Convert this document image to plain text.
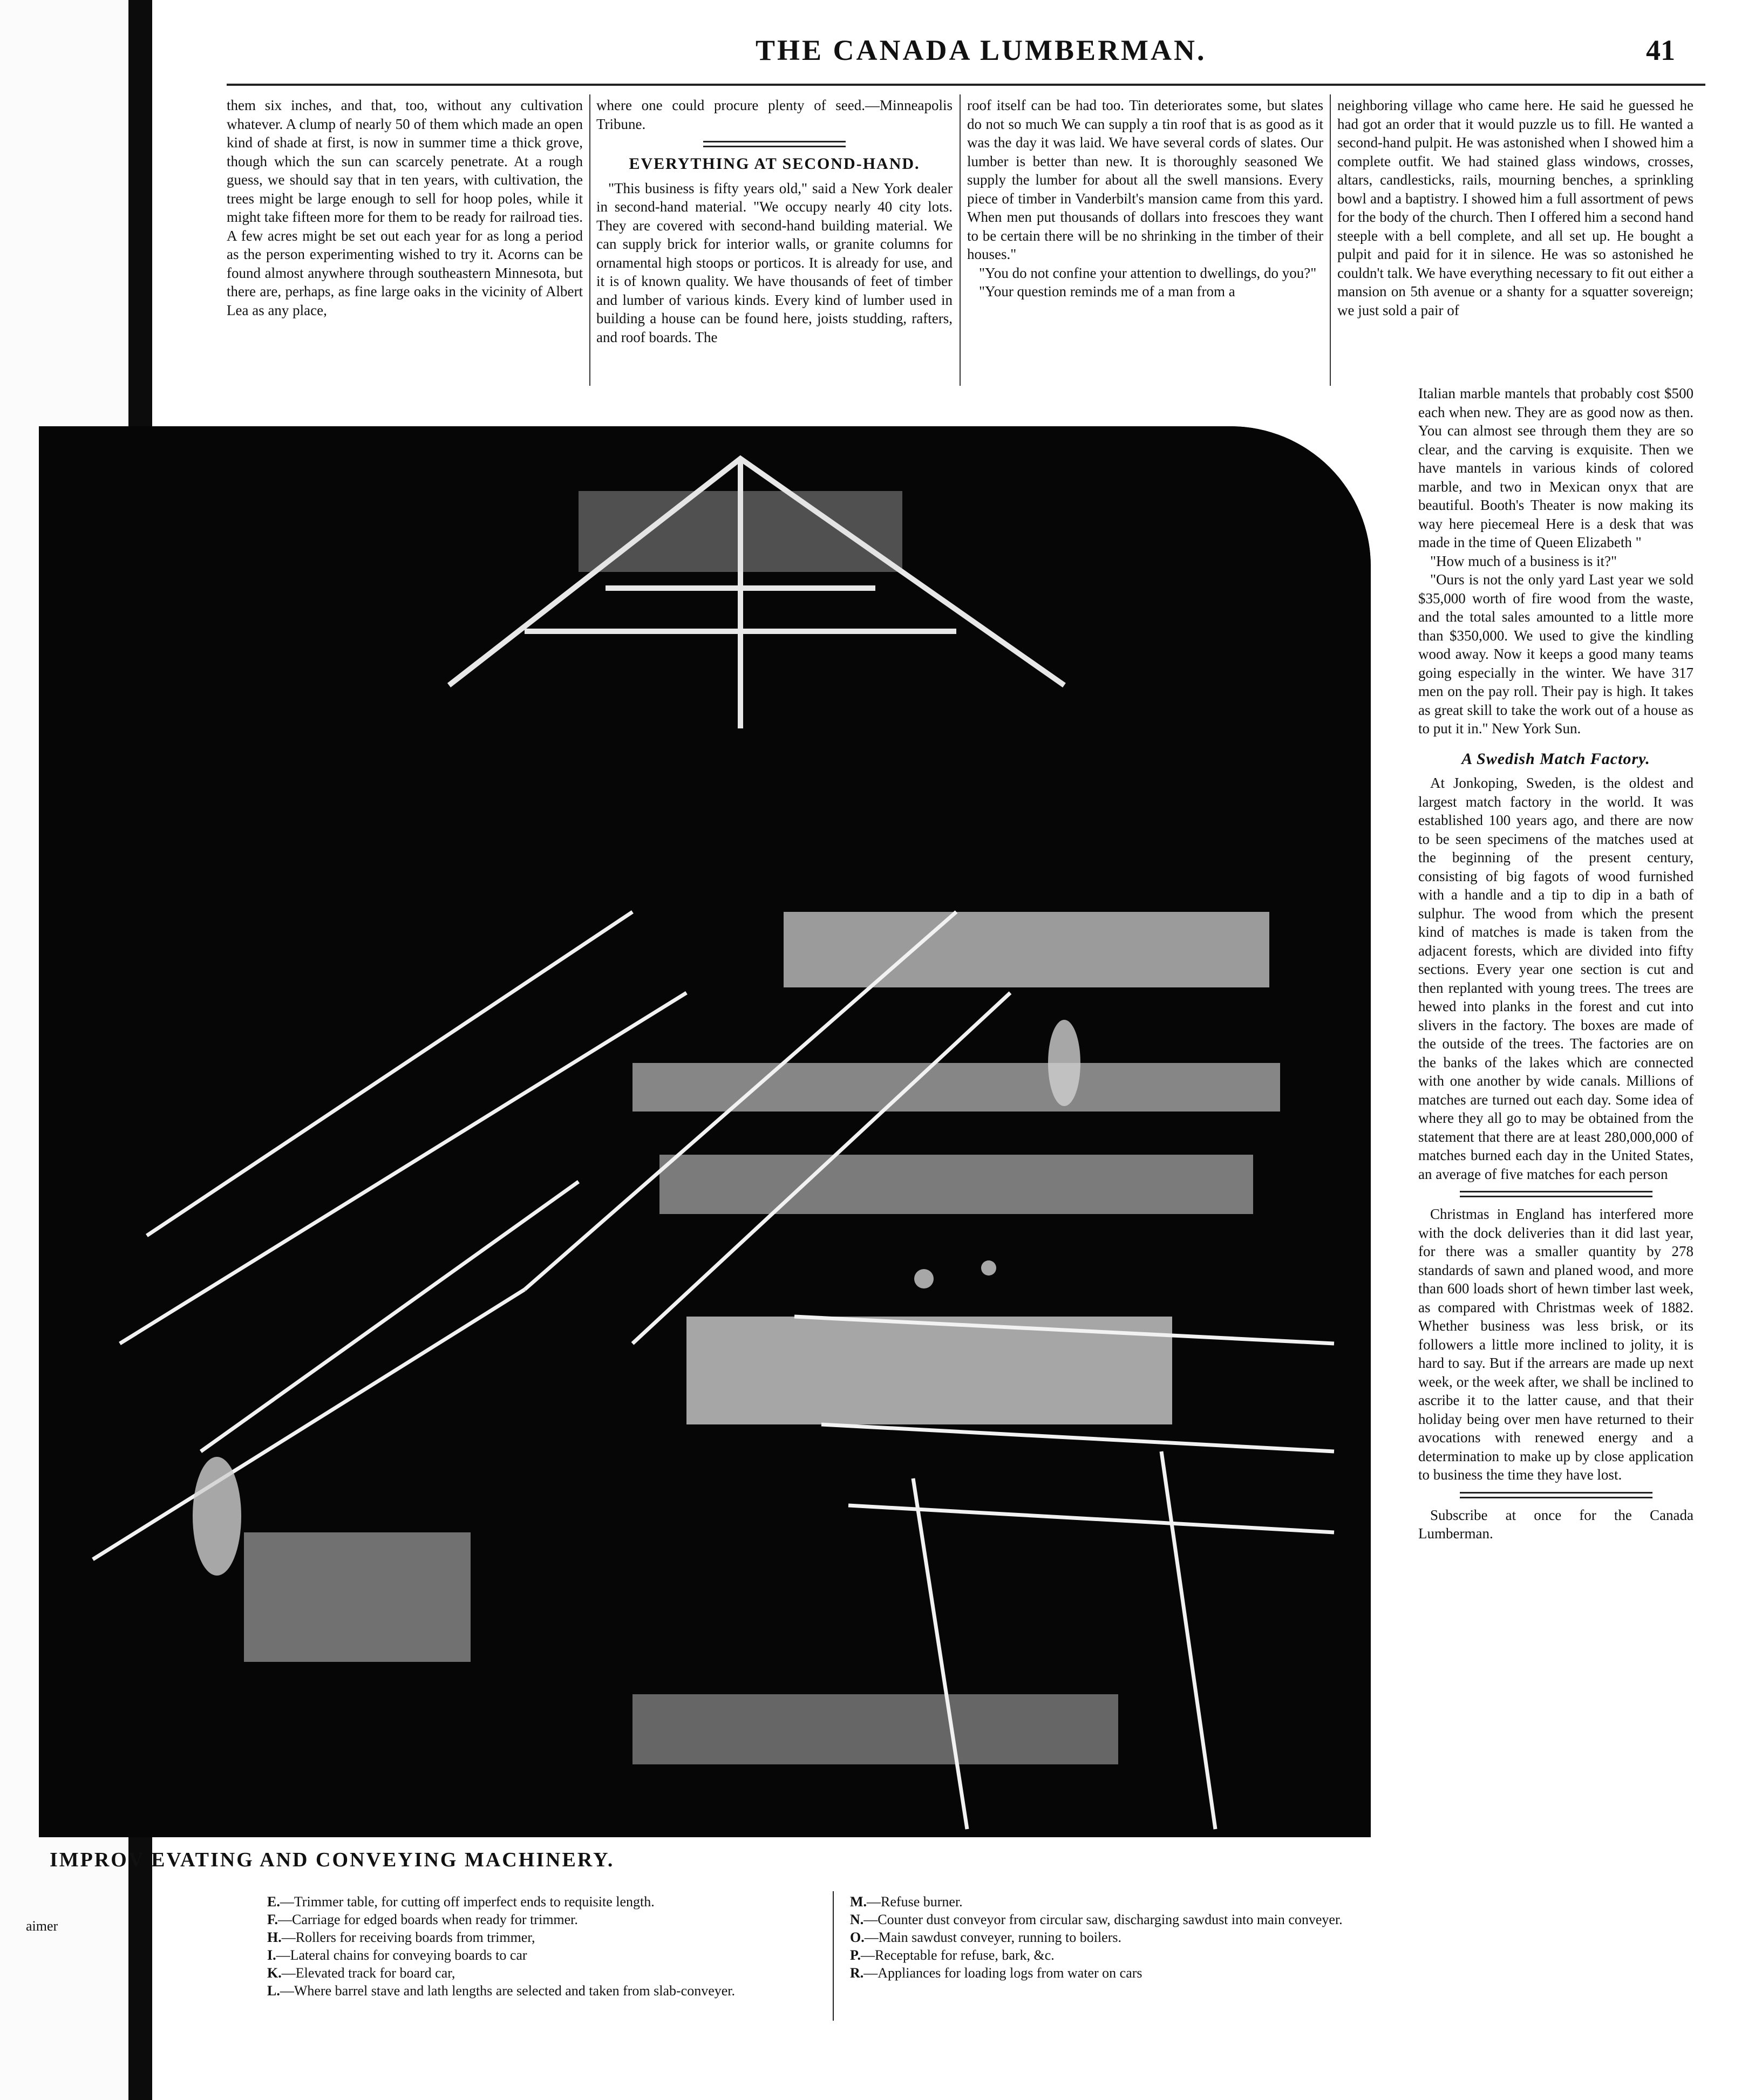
THE CANADA LUMBERMAN.	41

them six inches, and that, too, without any cultivation whatever. A clump of nearly 50 of them which made an open kind of shade at first, is now in summer time a thick grove, though which the sun can scarcely penetrate. At a rough guess, we should say that in ten years, with cultivation, the trees might be large enough to sell for hoop poles, while it might take fifteen more for them to be ready for railroad ties. A few acres might be set out each year for as long a period as the person experimenting wished to try it. Acorns can be found almost anywhere through southeastern Minnesota, but there are, perhaps, as fine large oaks in the vicinity of Albert Lea as any place,

where one could procure plenty of seed.—Minneapolis Tribune.

EVERYTHING AT SECOND-HAND.

"This business is fifty years old," said a New York dealer in second-hand material. "We occupy nearly 40 city lots. They are covered with second-hand building material. We can supply brick for interior walls, or granite columns for ornamental high stoops or porticos. It is already for use, and it is of known quality. We have thousands of feet of timber and lumber of various kinds. Every kind of lumber used in building a house can be found here, joists studding, rafters, and roof boards. The

roof itself can be had too. Tin deteriorates some, but slates do not so much We can supply a tin roof that is as good as it was the day it was laid. We have several cords of slates. Our lumber is better than new. It is thoroughly seasoned We supply the lumber for about all the swell mansions. Every piece of timber in Vanderbilt's mansion came from this yard. When men put thousands of dollars into frescoes they want to be certain there will be no shrinking in the timber of their houses."

"You do not confine your attention to dwellings, do you?"

"Your question reminds me of a man from a

neighboring village who came here. He said he guessed he had got an order that it would puzzle us to fill. He wanted a second-hand pulpit. He was astonished when I showed him a complete outfit. We had stained glass windows, crosses, altars, candlesticks, rails, mourning benches, a sprinkling bowl and a baptistry. I showed him a full assortment of pews for the body of the church. Then I offered him a second hand steeple with a bell complete, and all set up. He bought a pulpit and paid for it in silence. He was so astonished he couldn't talk. We have everything necessary to fit out either a mansion on 5th avenue or a shanty for a squatter sovereign; we just sold a pair of

Italian marble mantels that probably cost $500 each when new. They are as good now as then. You can almost see through them they are so clear, and the carving is exquisite. Then we have mantels in various kinds of colored marble, and two in Mexican onyx that are beautiful. Booth's Theater is now making its way here piecemeal Here is a desk that was made in the time of Queen Elizabeth "

"How much of a business is it?"

"Ours is not the only yard Last year we sold $35,000 worth of fire wood from the waste, and the total sales amounted to a little more than $350,000. We used to give the kindling wood away. Now it keeps a good many teams going especially in the winter. We have 317 men on the pay roll. Their pay is high. It takes as great skill to take the work out of a house as to put it in." New York Sun.

A Swedish Match Factory.

At Jonkoping, Sweden, is the oldest and largest match factory in the world. It was established 100 years ago, and there are now to be seen specimens of the matches used at the beginning of the present century, consisting of big fagots of wood furnished with a handle and a tip to dip in a bath of sulphur. The wood from which the present kind of matches is made is taken from the adjacent forests, which are divided into fifty sections. Every year one section is cut and then replanted with young trees. The trees are hewed into planks in the forest and cut into slivers in the factory. The boxes are made of the outside of the trees. The factories are on the banks of the lakes which are connected with one another by wide canals. Millions of matches are turned out each day. Some idea of where they all go to may be obtained from the statement that there are at least 280,000,000 of matches burned each day in the United States, an average of five matches for each person

Christmas in England has interfered more with the dock deliveries than it did last year, for there was a smaller quantity by 278 standards of sawn and planed wood, and more than 600 loads short of hewn timber last week, as compared with Christmas week of 1882. Whether business was less brisk, or its followers a little more inclined to jolity, it is hard to say. But if the arrears are made up next week, or the week after, we shall be inclined to ascribe it to the latter cause, and that their holiday being over men have returned to their avocations with renewed energy and a determination to make up by close application to business the time they have lost.

Subscribe at once for the Canada Lumberman.

IMPROV EVATING AND CONVEYING MACHINERY.
aimer
E.—Trimmer table, for cutting off imperfect ends to requisite length.
F.—Carriage for edged boards when ready for trimmer.
H.—Rollers for receiving boards from trimmer,
I.—Lateral chains for conveying boards to car
K.—Elevated track for board car,
L.—Where barrel stave and lath lengths are selected and taken from slab-conveyer.
M.—Refuse burner.
N.—Counter dust conveyor from circular saw, discharging sawdust into main conveyer.
O.—Main sawdust conveyer, running to boilers.
P.—Receptable for refuse, bark, &c.
R.—Appliances for loading logs from water on cars
